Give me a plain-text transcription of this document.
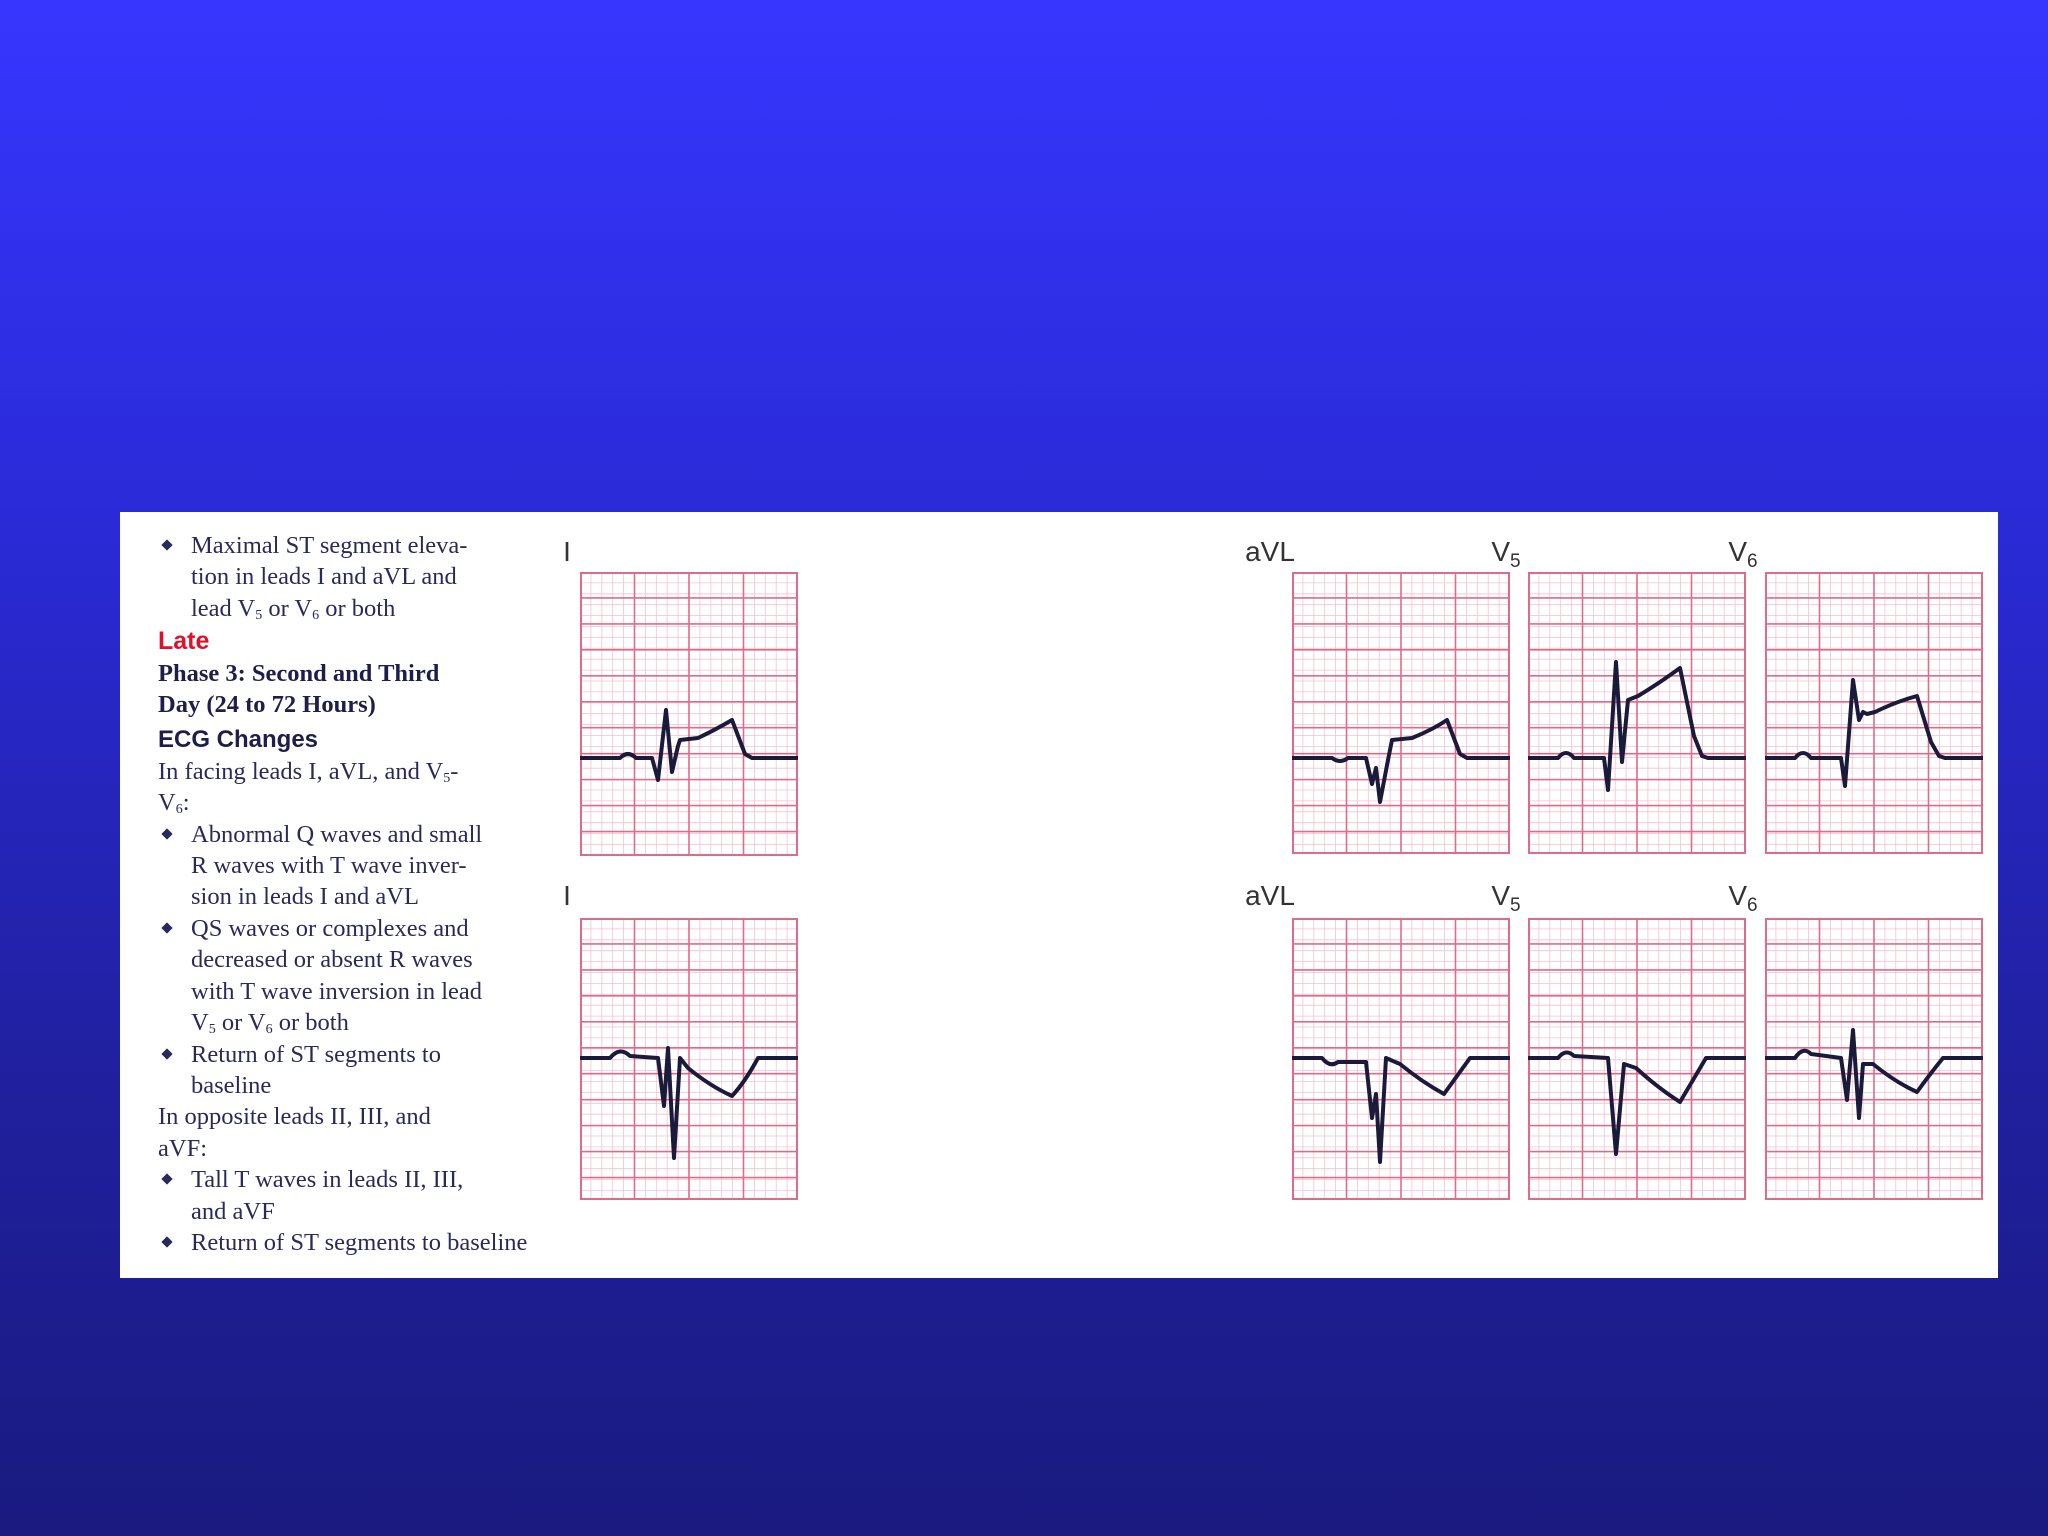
Maximal ST segment eleva-
tion in leads I and aVL and
lead $V_5$ or $V_6$ or both
Late
Phase 3: Second and Third
Day (24 to 72 Hours)
ECG Changes
In facing leads I, aVL, and $V_5-$
$V_6$:
Abnormal Q waves and small
R waves with T wave inver-
sion in leads I and aVL
QS waves or complexes and
decreased or absent R waves
with T wave inversion in lead
$V_5$ or $V_6$ or both
Return of ST segments to
baseline
In opposite leads II, III, and
aVF:
Tall T waves in leads II, III,
and aVF
Return of ST segments to baseline
I	aVL	$V_5$	$V_6$
I	aVL	$V_5$	$V_6$
